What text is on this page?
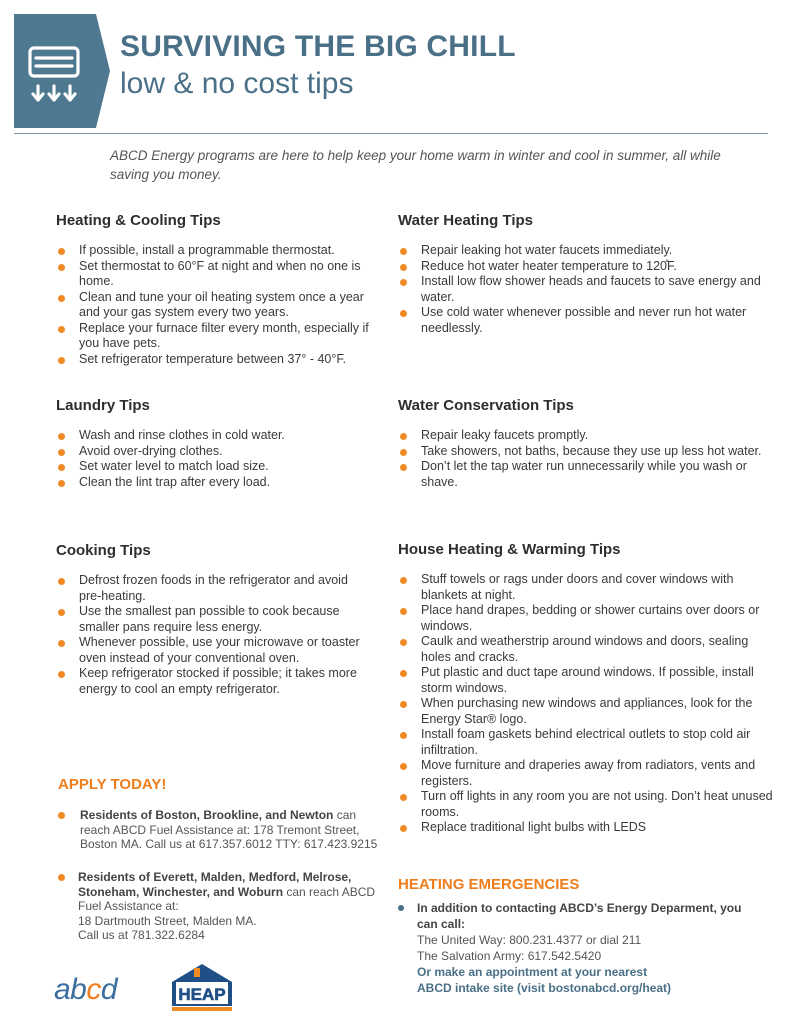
SURVIVING THE BIG CHILL
low & no cost tips
ABCD Energy programs are here to help keep your home warm in winter and cool in summer, all while saving you money.
Heating & Cooling Tips
If possible, install a programmable thermostat.
Set thermostat to 60°F at night and when no one is home.
Clean and tune your oil heating system once a year and your gas system every two years.
Replace your furnace filter every month, especially if you have pets.
Set refrigerator temperature between 37° - 40°F.
Water Heating Tips
Repair leaking hot water faucets immediately.
Reduce hot water heater temperature to 120̊F.
Install low flow shower heads and faucets to save energy and water.
Use cold water whenever possible and never run hot water needlessly.
Laundry Tips
Wash and rinse clothes in cold water.
Avoid over-drying clothes.
Set water level to match load size.
Clean the lint trap after every load.
Water Conservation Tips
Repair leaky faucets promptly.
Take showers, not baths, because they use up less hot water.
Don’t let the tap water run unnecessarily while you wash or shave.
Cooking Tips
Defrost frozen foods in the refrigerator and avoid pre-heating.
Use the smallest pan possible to cook because smaller pans require less energy.
Whenever possible, use your microwave or toaster oven instead of your conventional oven.
Keep refrigerator stocked if possible; it takes more energy to cool an empty refrigerator.
House Heating & Warming Tips
Stuff towels or rags under doors and cover windows with blankets at night.
Place hand drapes, bedding or shower curtains over doors or windows.
Caulk and weatherstrip around windows and doors, sealing holes and cracks.
Put plastic and duct tape around windows. If possible, install storm windows.
When purchasing new windows and appliances, look for the Energy Star® logo.
Install foam gaskets behind electrical outlets to stop cold air infiltration.
Move furniture and draperies away from radiators, vents and registers.
Turn off lights in any room you are not using. Don’t heat unused rooms.
Replace traditional light bulbs with LEDS
APPLY TODAY!
Residents of Boston, Brookline, and Newton can reach ABCD Fuel Assistance at: 178 Tremont Street, Boston MA. Call us at 617.357.6012 TTY: 617.423.9215
Residents of Everett, Malden, Medford, Melrose, Stoneham, Winchester, and Woburn can reach ABCD Fuel Assistance at:
18 Dartmouth Street, Malden MA.
Call us at 781.322.6284
HEATING EMERGENCIES
In addition to contacting ABCD’s Energy Deparment, you can call:
The United Way: 800.231.4377 or dial 211
The Salvation Army: 617.542.5420
Or make an appointment at your nearest
ABCD intake site (visit bostonabcd.org/heat)
abcd	HEAP
